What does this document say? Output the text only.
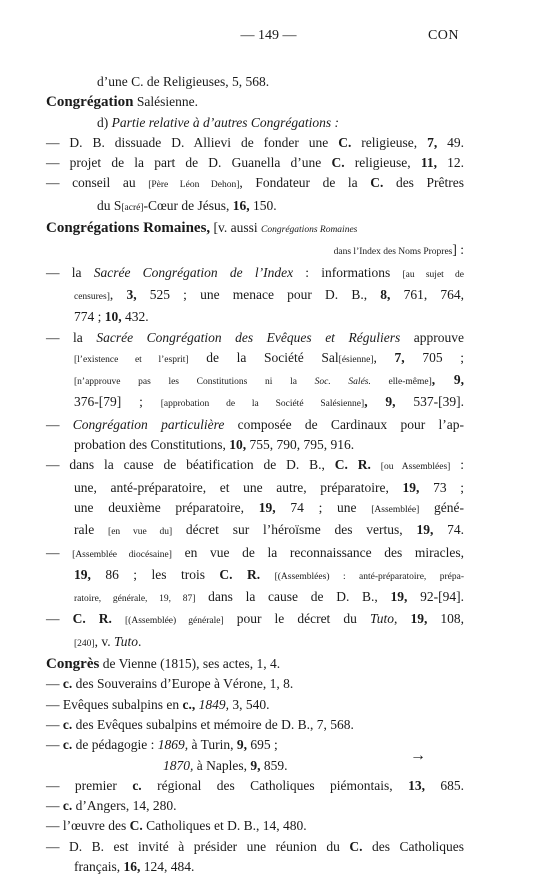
— 149 —	CON
d’une C. de Religieuses, 5, 568.
Congrégation Salésienne.
d) Partie relative à d’autres Congrégations :
— D. B. dissuade D. Allievi de fonder une C. religieuse, 7, 49.
— projet de la part de D. Guanella d’une C. religieuse, 11, 12.
— conseil au [Père Léon Dehon], Fondateur de la C. des Prêtres
du S[acré]-Cœur de Jésus, 16, 150.
Congrégations Romaines, [v. aussi Congrégations Romaines
dans l’Index des Noms Propres] :
— la Sacrée Congrégation de l’Index : informations [au sujet de
censures], 3, 525 ; une menace pour D. B., 8, 761, 764,
774 ; 10, 432.
— la Sacrée Congrégation des Evêques et Réguliers approuve
[l’existence et l’esprit] de la Société Sal[ésienne], 7, 705 ;
[n’approuve pas les Constitutions ni la Soc. Salés. elle-même], 9,
376-[79] ; [approbation de la Société Salésienne], 9, 537-[39].
— Congrégation particulière composée de Cardinaux pour l’ap-
probation des Constitutions, 10, 755, 790, 795, 916.
— dans la cause de béatification de D. B., C. R. [ou Assemblées] :
une, anté-préparatoire, et une autre, préparatoire, 19, 73 ;
une deuxième préparatoire, 19, 74 ; une [Assemblée] géné-
rale [en vue du] décret sur l’héroïsme des vertus, 19, 74.
— [Assemblée diocésaine] en vue de la reconnaissance des miracles,
19, 86 ; les trois C. R. [(Assemblées) : anté-préparatoire, prépa-
ratoire, générale, 19, 87] dans la cause de D. B., 19, 92-[94].
— C. R. [(Assemblée) générale] pour le décret du Tuto, 19, 108,
[240], v. Tuto.
Congrès de Vienne (1815), ses actes, 1, 4.
— c. des Souverains d’Europe à Vérone, 1, 8.
— Evêques subalpins en c., 1849, 3, 540.
— c. des Evêques subalpins et mémoire de D. B., 7, 568.
— c. de pédagogie : 1869, à Turin, 9, 695 ;
1870, à Naples, 9, 859.
— premier c. régional des Catholiques piémontais, 13, 685.
— c. d’Angers, 14, 280.
— l’œuvre des C. Catholiques et D. B., 14, 480.
— D. B. est invité à présider une réunion du C. des Catholiques
français, 16, 124, 484.
→
